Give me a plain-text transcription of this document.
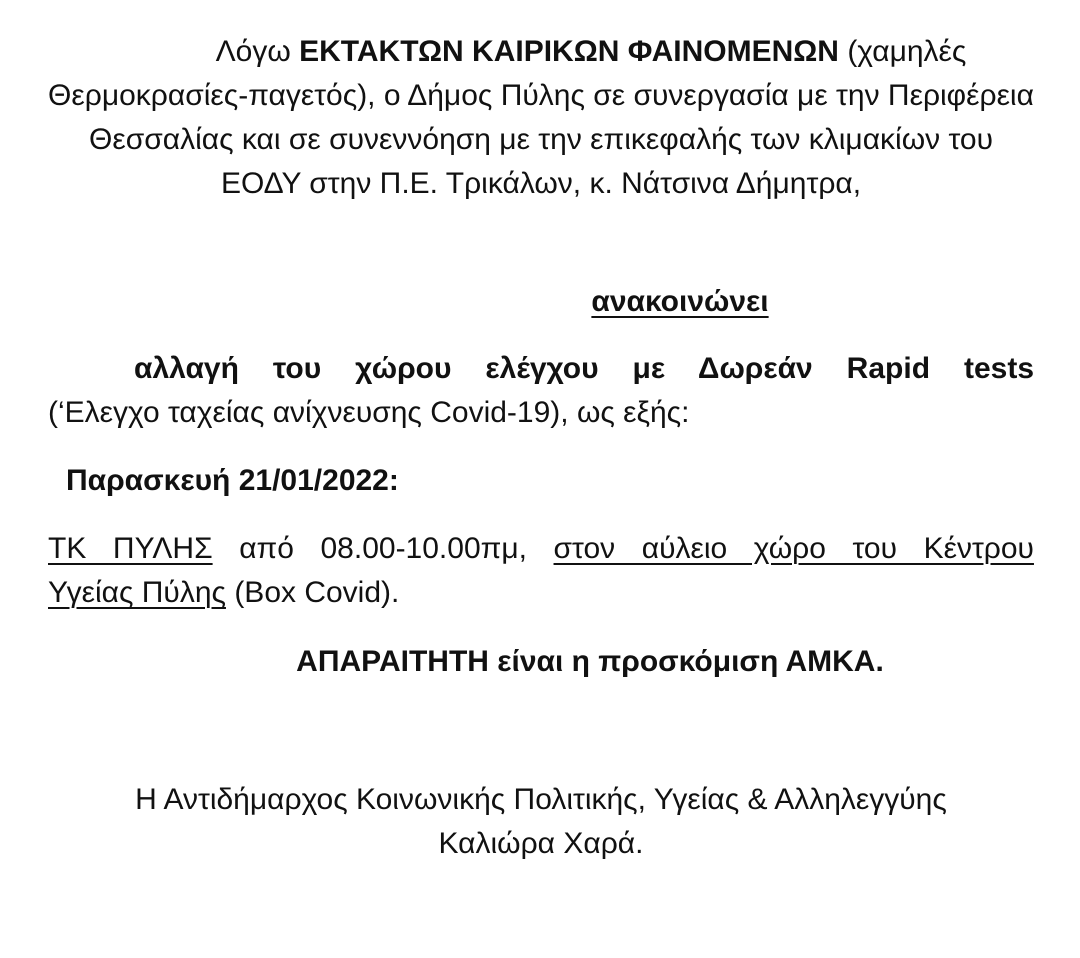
Λόγω ΕΚΤΑΚΤΩΝ ΚΑΙΡΙΚΩΝ ΦΑΙΝΟΜΕΝΩΝ (χαμηλές Θερμοκρασίες-παγετός), ο Δήμος Πύλης σε συνεργασία με την Περιφέρεια Θεσσαλίας και σε συνεννόηση με την επικεφαλής των κλιμακίων του ΕΟΔΥ στην Π.Ε. Τρικάλων, κ. Νάτσινα Δήμητρα,

ανακοινώνει

αλλαγή του χώρου ελέγχου με Δωρεάν Rapid tests
(‘Ελεγχο ταχείας ανίχνευσης Covid-19), ως εξής:

Παρασκευή 21/01/2022:

ΤΚ ΠΥΛΗΣ από 08.00-10.00πμ, στον αύλειο χώρο του Κέντρου
Υγείας Πύλης (Box Covid).

ΑΠΑΡΑΙΤΗΤΗ είναι η προσκόμιση ΑΜΚΑ.

Η Αντιδήμαρχος Κοινωνικής Πολιτικής, Υγείας & Αλληλεγγύης
Καλιώρα Χαρά.
